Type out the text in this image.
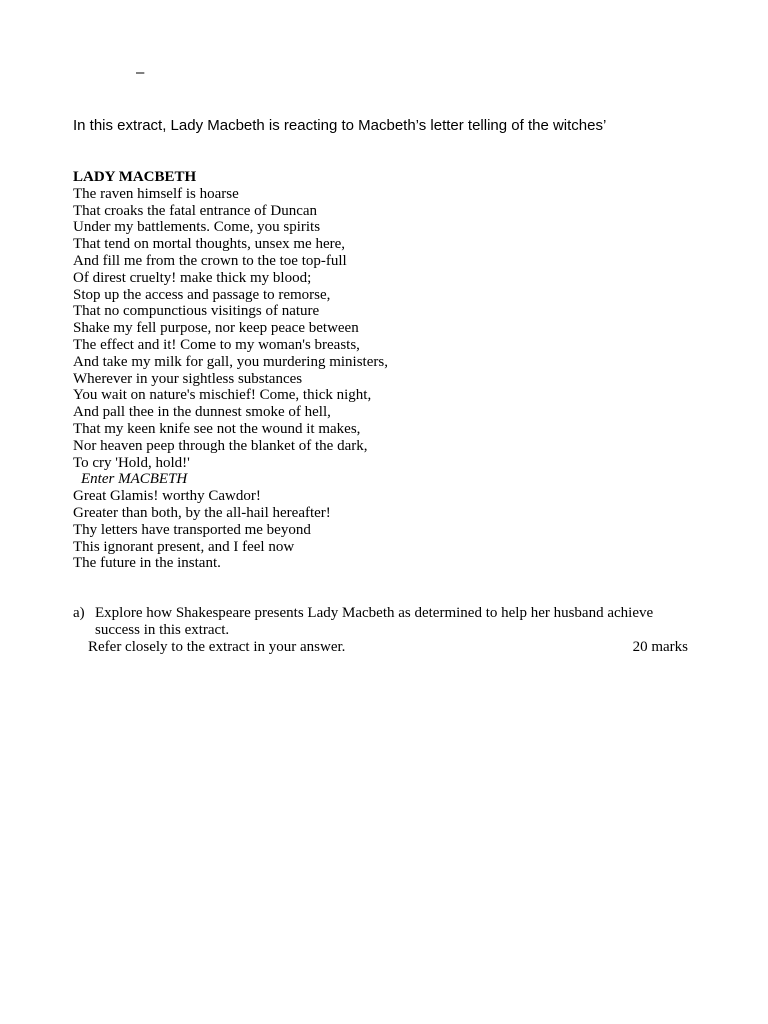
–
In this extract, Lady Macbeth is reacting to Macbeth’s letter telling of the witches’

LADY MACBETH

The raven himself is hoarse

That croaks the fatal entrance of Duncan

Under my battlements. Come, you spirits

That tend on mortal thoughts, unsex me here,

And fill me from the crown to the toe top-full

Of direst cruelty! make thick my blood;

Stop up the access and passage to remorse,

That no compunctious visitings of nature

Shake my fell purpose, nor keep peace between

The effect and it! Come to my woman's breasts,

And take my milk for gall, you murdering ministers,

Wherever in your sightless substances

You wait on nature's mischief! Come, thick night,

And pall thee in the dunnest smoke of hell,

That my keen knife see not the wound it makes,

Nor heaven peep through the blanket of the dark,

To cry 'Hold, hold!'

Enter MACBETH

Great Glamis! worthy Cawdor!

Greater than both, by the all-hail hereafter!

Thy letters have transported me beyond

This ignorant present, and I feel now

The future in the instant.

a) Explore how Shakespeare presents Lady Macbeth as determined to help her husband achieve success in this extract.
Refer closely to the extract in your answer.	20 marks
